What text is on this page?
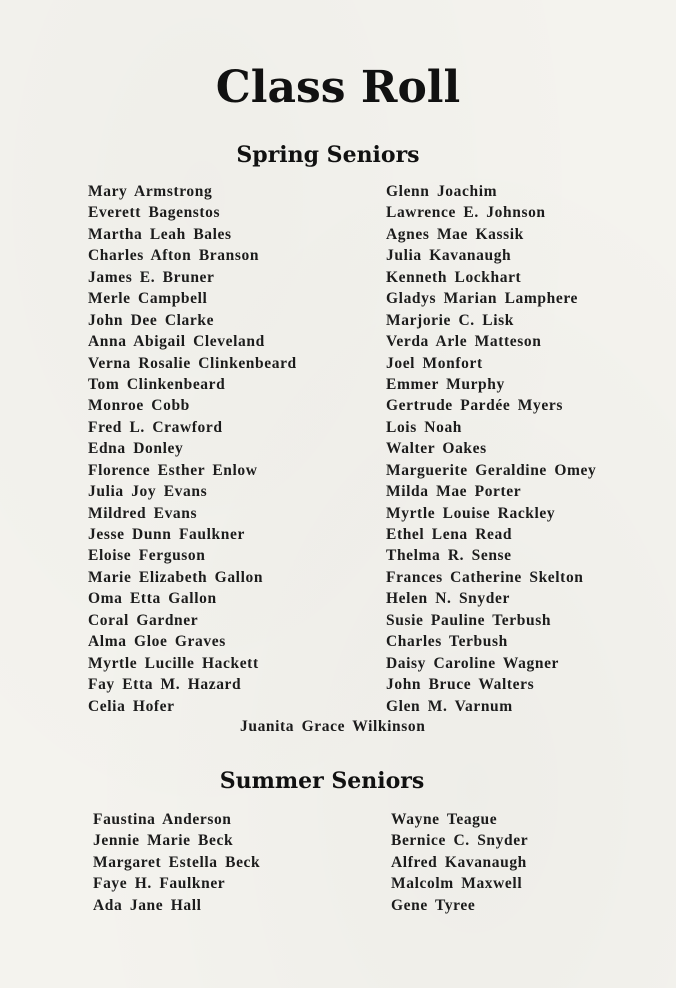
Class Roll
Spring Seniors
Mary Armstrong
Everett Bagenstos
Martha Leah Bales
Charles Afton Branson
James E. Bruner
Merle Campbell
John Dee Clarke
Anna Abigail Cleveland
Verna Rosalie Clinkenbeard
Tom Clinkenbeard
Monroe Cobb
Fred L. Crawford
Edna Donley
Florence Esther Enlow
Julia Joy Evans
Mildred Evans
Jesse Dunn Faulkner
Eloise Ferguson
Marie Elizabeth Gallon
Oma Etta Gallon
Coral Gardner
Alma Gloe Graves
Myrtle Lucille Hackett
Fay Etta M. Hazard
Celia Hofer
Glenn Joachim
Lawrence E. Johnson
Agnes Mae Kassik
Julia Kavanaugh
Kenneth Lockhart
Gladys Marian Lamphere
Marjorie C. Lisk
Verda Arle Matteson
Joel Monfort
Emmer Murphy
Gertrude Pardée Myers
Lois Noah
Walter Oakes
Marguerite Geraldine Omey
Milda Mae Porter
Myrtle Louise Rackley
Ethel Lena Read
Thelma R. Sense
Frances Catherine Skelton
Helen N. Snyder
Susie Pauline Terbush
Charles Terbush
Daisy Caroline Wagner
John Bruce Walters
Glen M. Varnum
Juanita Grace Wilkinson
Summer Seniors
Faustina Anderson
Jennie Marie Beck
Margaret Estella Beck
Faye H. Faulkner
Ada Jane Hall
Wayne Teague
Bernice C. Snyder
Alfred Kavanaugh
Malcolm Maxwell
Gene Tyree
